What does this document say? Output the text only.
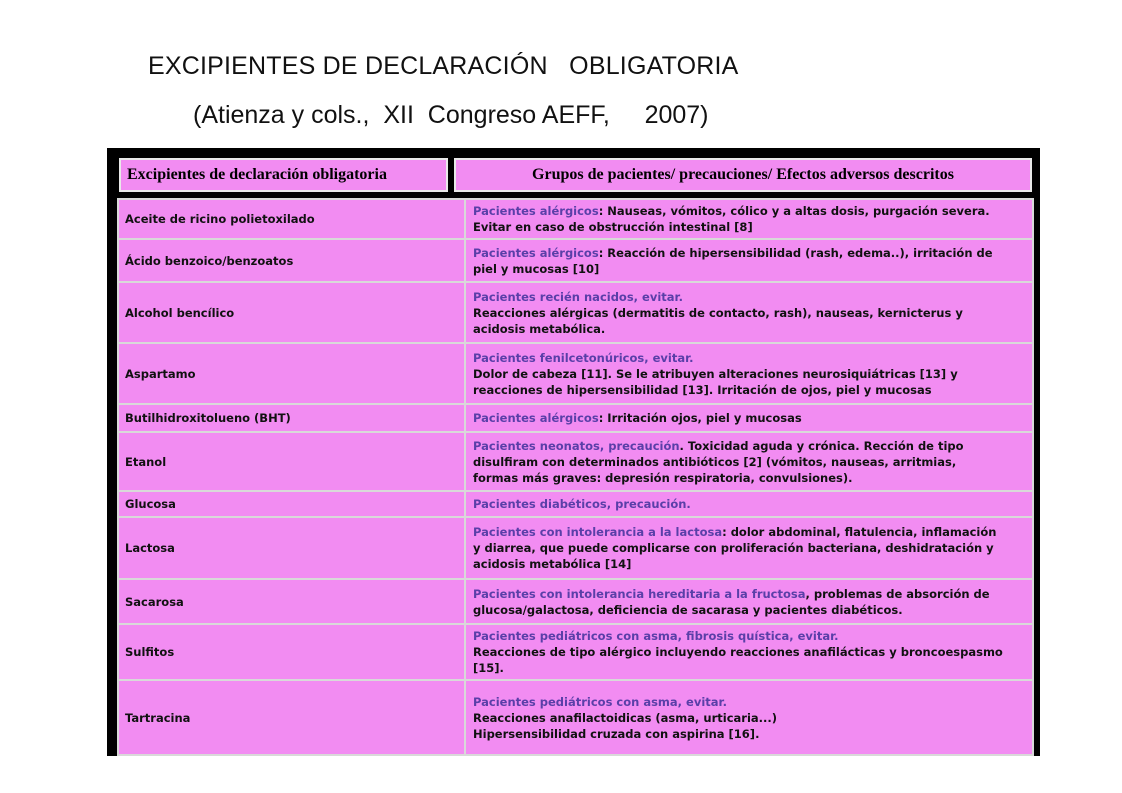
EXCIPIENTES DE DECLARACIÓN   OBLIGATORIA
(Atienza y cols.,  XII  Congreso AEFF,     2007)
Excipientes de declaración obligatoria	Grupos de pacientes/ precauciones/ Efectos adversos descritos
Aceite de ricino polietoxilado	Pacientes alérgicos: Nauseas, vómitos, cólico y a altas dosis, purgación severa.
Evitar en caso de obstrucción intestinal [8]

Ácido benzoico/benzoatos	Pacientes alérgicos: Reacción de hipersensibilidad (rash, edema..), irritación de
piel y mucosas [10]

Alcohol bencílico	Pacientes recién nacidos, evitar.
Reacciones alérgicas (dermatitis de contacto, rash), nauseas, kernicterus y
acidosis metabólica.

Aspartamo	Pacientes fenilcetonúricos, evitar.
Dolor de cabeza [11]. Se le atribuyen alteraciones neurosiquiátricas [13] y
reacciones de hipersensibilidad [13]. Irritación de ojos, piel y mucosas

Butilhidroxitolueno (BHT)	Pacientes alérgicos: Irritación ojos, piel y mucosas

Etanol	Pacientes neonatos, precaución. Toxicidad aguda y crónica. Rección de tipo
disulfiram con determinados antibióticos [2] (vómitos, nauseas, arritmias,
formas más graves: depresión respiratoria, convulsiones).

Glucosa	Pacientes diabéticos, precaución.

Lactosa	Pacientes con intolerancia a la lactosa: dolor abdominal, flatulencia, inflamación
y diarrea, que puede complicarse con proliferación bacteriana, deshidratación y
acidosis metabólica [14]

Sacarosa	Pacientes con intolerancia hereditaria a la fructosa, problemas de absorción de
glucosa/galactosa, deficiencia de sacarasa y pacientes diabéticos.

Sulfitos	Pacientes pediátricos con asma, fibrosis quística, evitar.
Reacciones de tipo alérgico incluyendo reacciones anafilácticas y broncoespasmo
[15].

Tartracina	Pacientes pediátricos con asma, evitar.
Reacciones anafilactoidicas (asma, urticaria...)
Hipersensibilidad cruzada con aspirina [16].
